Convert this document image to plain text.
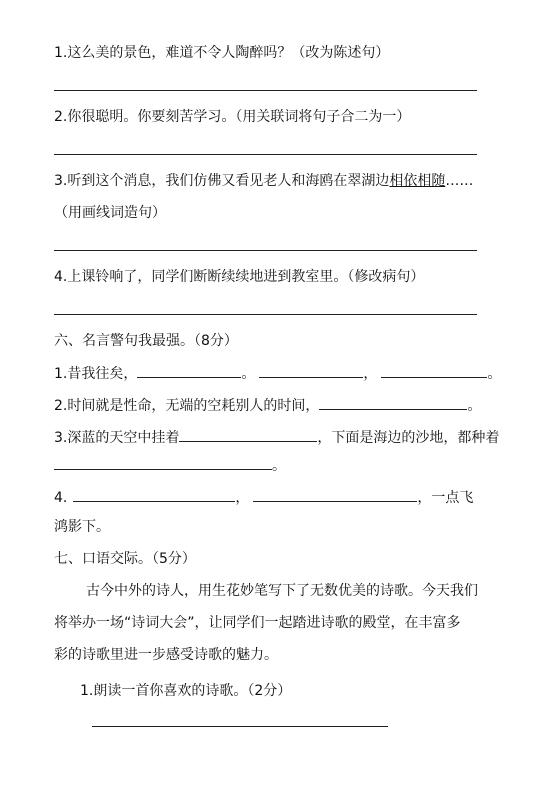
1.这么美的景色，难道不令人陶醉吗？（改为陈述句）
2.你很聪明。你要刻苦学习。（用关联词将句子合二为一）
3.听到这个消息，我们仿佛又看见老人和海鸥在翠湖边相依相随……
（用画线词造句）
4.上课铃响了，同学们断断续续地进到教室里。（修改病句）
六、名言警句我最强。（8分）
1.昔我往矣，	。	，	。
2.时间就是性命，无端的空耗别人的时间，	。
3.深蓝的天空中挂着	，下面是海边的沙地，都种着
。
4.	，	，一点飞
鸿影下。
七、口语交际。（5分）
古今中外的诗人，用生花妙笔写下了无数优美的诗歌。今天我们
将举办一场“诗词大会”，让同学们一起踏进诗歌的殿堂，在丰富多
彩的诗歌里进一步感受诗歌的魅力。
1.朗读一首你喜欢的诗歌。（2分）
